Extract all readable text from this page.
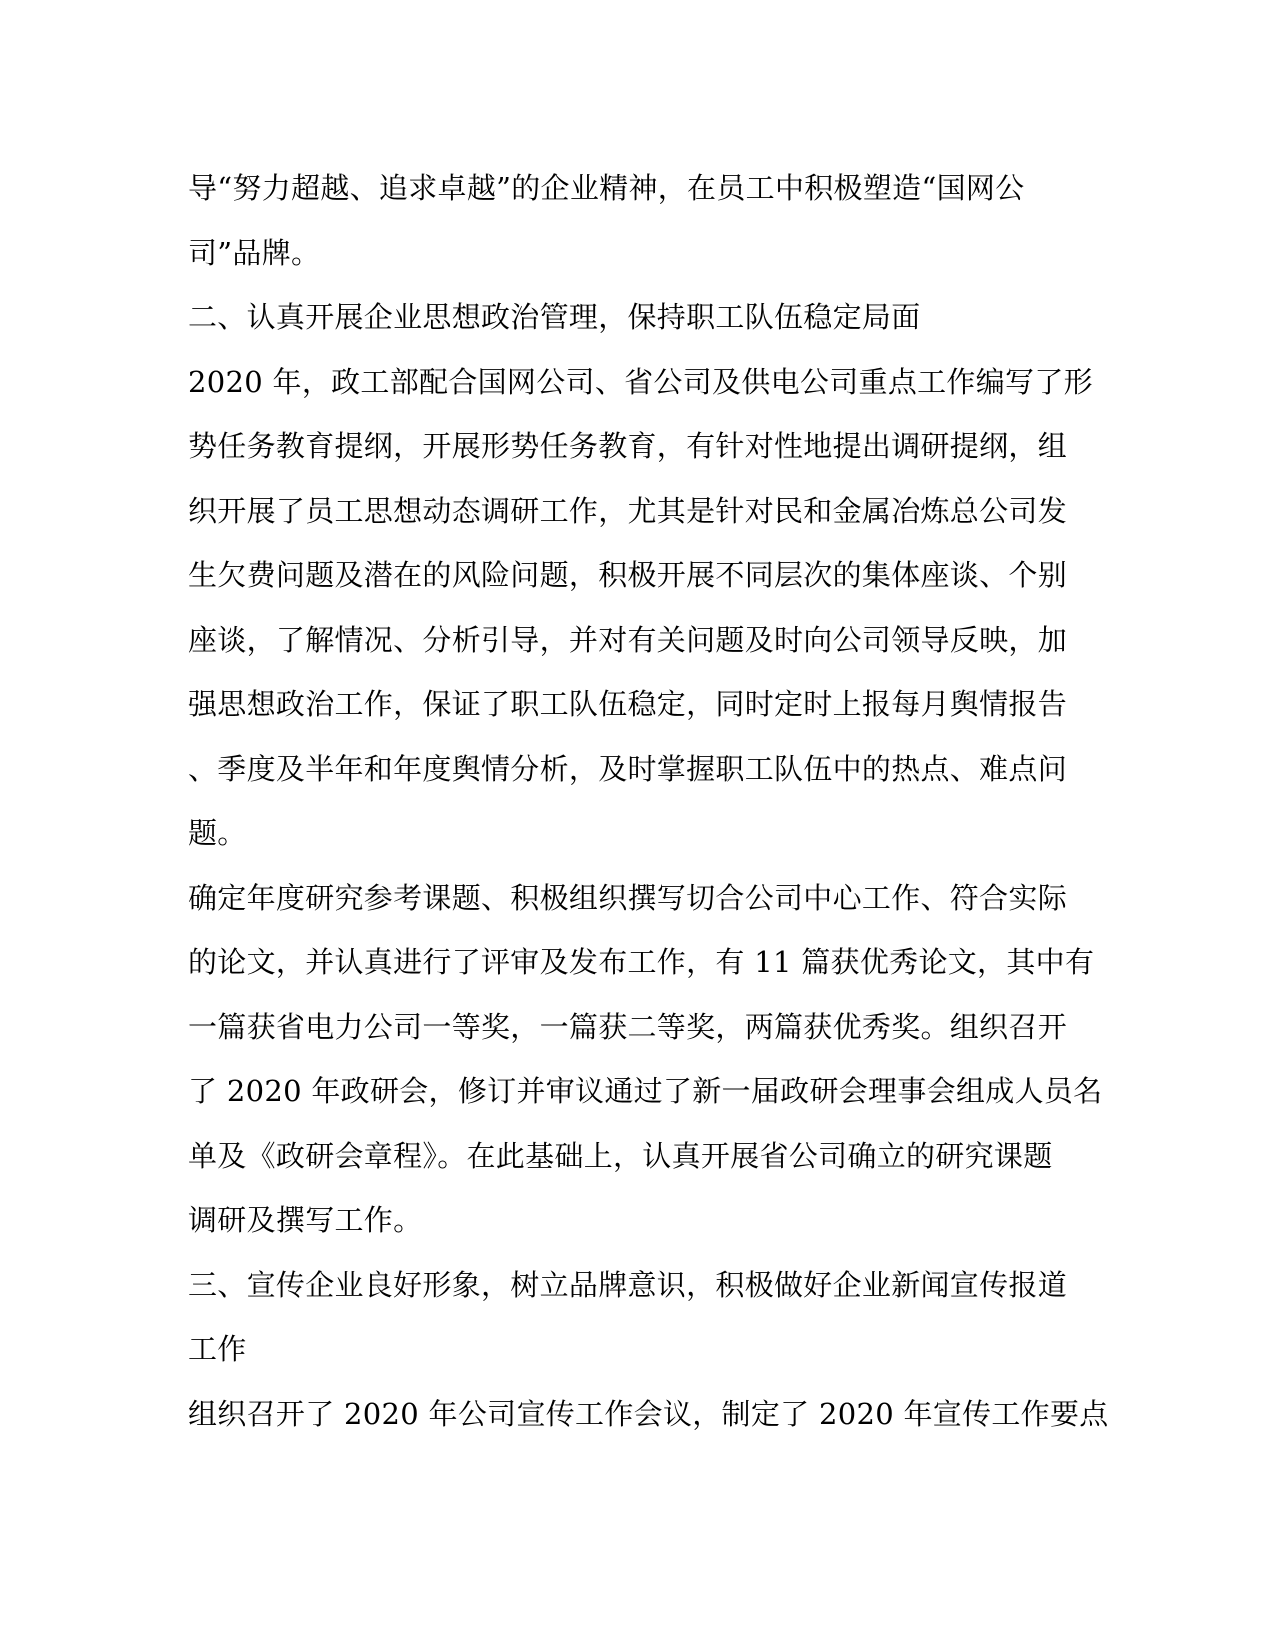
导“努力超越、追求卓越”的企业精神，在员工中积极塑造“国网公
司”品牌。
二、认真开展企业思想政治管理，保持职工队伍稳定局面
2020 年，政工部配合国网公司、省公司及供电公司重点工作编写了形
势任务教育提纲，开展形势任务教育，有针对性地提出调研提纲，组
织开展了员工思想动态调研工作，尤其是针对民和金属冶炼总公司发
生欠费问题及潜在的风险问题，积极开展不同层次的集体座谈、个别
座谈，了解情况、分析引导，并对有关问题及时向公司领导反映，加
强思想政治工作，保证了职工队伍稳定，同时定时上报每月舆情报告
、季度及半年和年度舆情分析，及时掌握职工队伍中的热点、难点问
题。
确定年度研究参考课题、积极组织撰写切合公司中心工作、符合实际
的论文，并认真进行了评审及发布工作，有 11 篇获优秀论文，其中有
一篇获省电力公司一等奖，一篇获二等奖，两篇获优秀奖。组织召开
了 2020 年政研会，修订并审议通过了新一届政研会理事会组成人员名
单及《政研会章程》。在此基础上，认真开展省公司确立的研究课题
调研及撰写工作。
三、宣传企业良好形象，树立品牌意识，积极做好企业新闻宣传报道
工作
组织召开了 2020 年公司宣传工作会议，制定了 2020 年宣传工作要点
